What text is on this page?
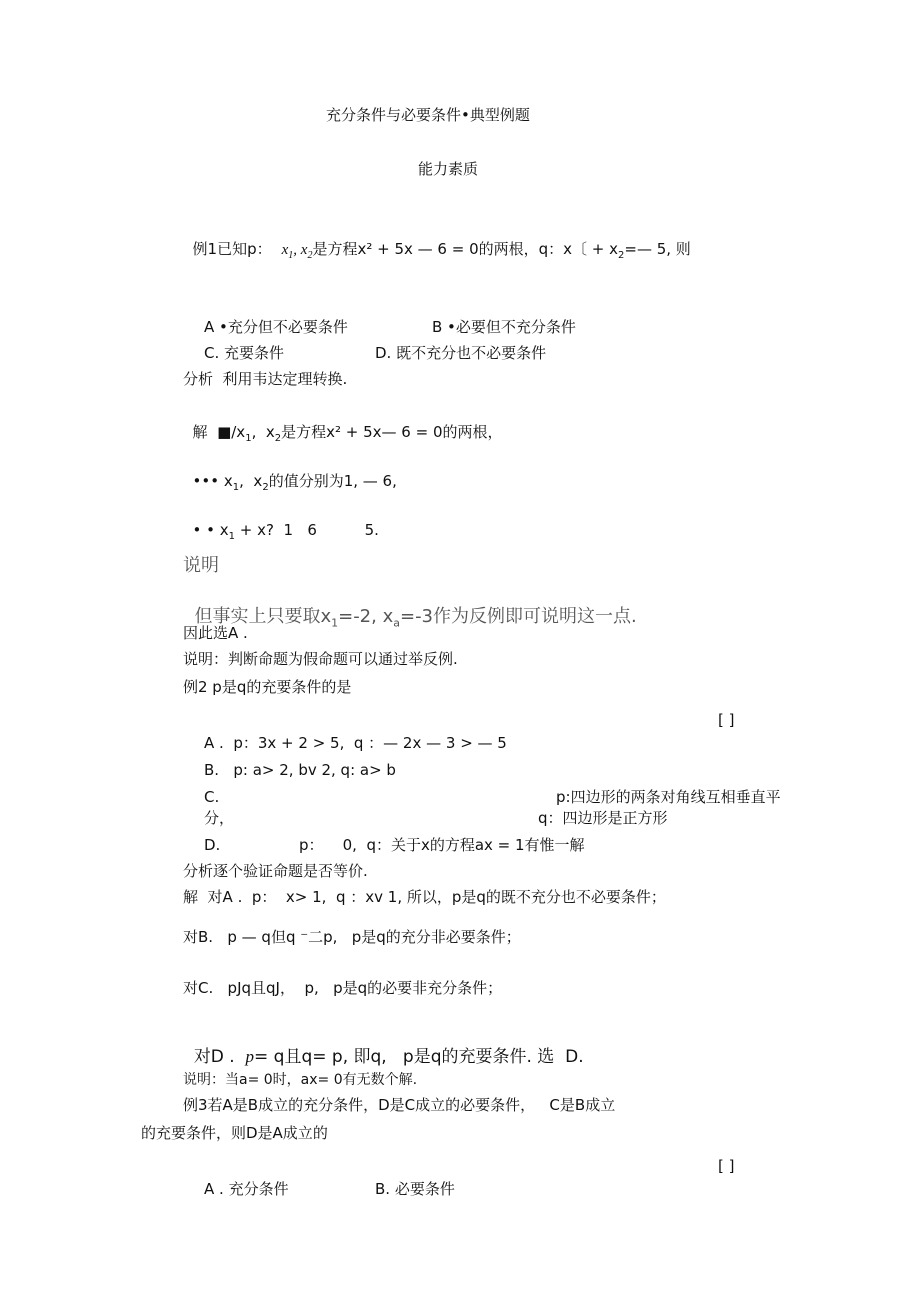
充分条件与必要条件•典型例题
能力素质

例1已知p： $x_1$, $x_2$是方程x² + 5x — 6 = 0的两根，q：x〔 + $x_2=—$ 5, 则

A •充分但不必要条件	B •必要但不充分条件
C. 充要条件	D. 既不充分也不必要条件
分析  利用韦达定理转换.

解  $■/x_1$,  $x_2$是方程x² + 5x— 6 = 0的两根，

••• $x_1$,  $x_2$的值分别为1, — 6,

• • $x_1 + x$?  1   6          5.

说明

但事实上只要取$x_1=-2$, $x_a=-3$作为反例即可说明这一点.

因此选A .
说明：判断命题为假命题可以通过举反例.
例2 p是q的充要条件的是
[ ]
A .  p：3x + 2 > 5,  q ：— 2x — 3 > — 5
B.   p: a> 2, bv 2, q: a> b
C.	p:四边形的两条对角线互相垂直平
分，	q：四边形是正方形
D.	p：    0,  q：关于x的方程ax = 1有惟一解
分析逐个验证命题是否等价.
解  对A .  p：  x> 1,  q ：xv 1, 所以，p是q的既不充分也不必要条件；
对B.   p — q但q ⁻二p,   p是q的充分非必要条件；
对C.   pJq且qJ，  p,   p是q的必要非充分条件；

对D .  p= q且q= p, 即q,   p是q的充要条件. 选  D.

说明：当a= 0时，ax= 0有无数个解.
例3若A是B成立的充分条件，D是C成立的必要条件，   C是B成立
的充要条件，则D是A成立的
[ ]
A . 充分条件	B. 必要条件
